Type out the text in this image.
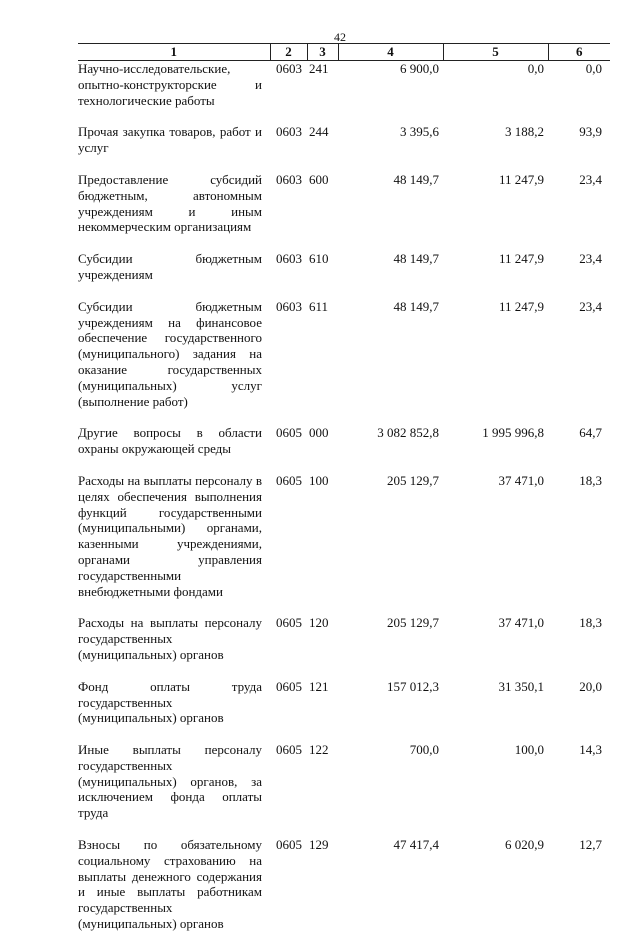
42
1	2	3	4	5	6
Научно-исследовательские, опытно-конструкторские и технологические работы	0603	241	6 900,0	0,0	0,0

Прочая закупка товаров, работ и услуг	0603	244	3 395,6	3 188,2	93,9

Предоставление субсидий бюджетным, автономным учреждениям и иным некоммерческим организациям	0603	600	48 149,7	11 247,9	23,4

Субсидии бюджетным учреждениям	0603	610	48 149,7	11 247,9	23,4

Субсидии бюджетным учреждениям на финансовое обеспечение государственного (муниципального) задания на оказание государственных (муниципальных) услуг (выполнение работ)	0603	611	48 149,7	11 247,9	23,4

Другие вопросы в области охраны окружающей среды	0605	000	3 082 852,8	1 995 996,8	64,7

Расходы на выплаты персоналу в целях обеспечения выполнения функций государственными (муниципальными) органами, казенными учреждениями, органами управления государственными внебюджетными фондами	0605	100	205 129,7	37 471,0	18,3

Расходы на выплаты персоналу государственных (муниципальных) органов	0605	120	205 129,7	37 471,0	18,3

Фонд оплаты труда государственных (муниципальных) органов	0605	121	157 012,3	31 350,1	20,0

Иные выплаты персоналу государственных (муниципальных) органов, за исключением фонда оплаты труда	0605	122	700,0	100,0	14,3

Взносы по обязательному социальному страхованию на выплаты денежного содержания и иные выплаты работникам государственных (муниципальных) органов	0605	129	47 417,4	6 020,9	12,7
